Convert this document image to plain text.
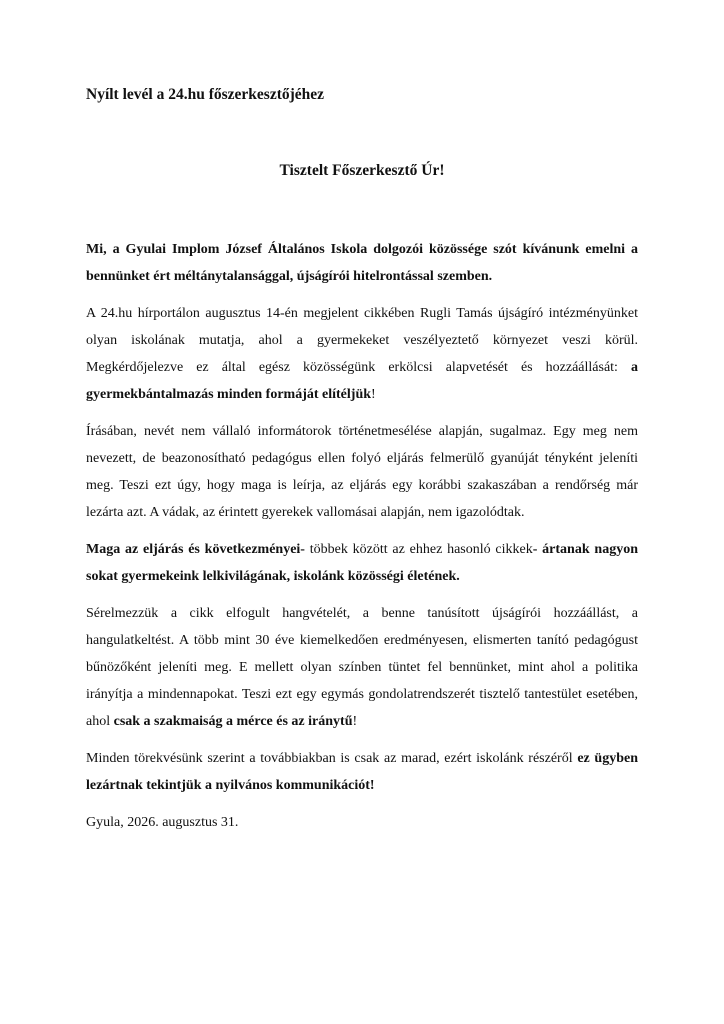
Nyílt levél a 24.hu főszerkesztőjéhez
Tisztelt Főszerkesztő Úr!

Mi, a Gyulai Implom József Általános Iskola dolgozói közössége szót kívánunk emelni a bennünket ért méltánytalansággal, újságírói hitelrontással szemben.

A 24.hu hírportálon augusztus 14-én megjelent cikkében Rugli Tamás újságíró intézményünket olyan iskolának mutatja, ahol a gyermekeket veszélyeztető környezet veszi körül. Megkérdőjelezve ez által egész közösségünk erkölcsi alapvetését és hozzáállását: a gyermekbántalmazás minden formáját elítéljük!

Írásában, nevét nem vállaló informátorok történetmesélése alapján, sugalmaz. Egy meg nem nevezett, de beazonosítható pedagógus ellen folyó eljárás felmerülő gyanúját tényként jeleníti meg. Teszi ezt úgy, hogy maga is leírja, az eljárás egy korábbi szakaszában a rendőrség már lezárta azt. A vádak, az érintett gyerekek vallomásai alapján, nem igazolódtak.

Maga az eljárás és következményei- többek között az ehhez hasonló cikkek- ártanak nagyon sokat gyermekeink lelkivilágának, iskolánk közösségi életének.

Sérelmezzük a cikk elfogult hangvételét, a benne tanúsított újságírói hozzáállást, a hangulatkeltést. A több mint 30 éve kiemelkedően eredményesen, elismerten tanító pedagógust bűnözőként jeleníti meg. E mellett olyan színben tüntet fel bennünket, mint ahol a politika irányítja a mindennapokat. Teszi ezt egy egymás gondolatrendszerét tisztelő tantestület esetében, ahol csak a szakmaiság a mérce és az iránytű!

Minden törekvésünk szerint a továbbiakban is csak az marad, ezért iskolánk részéről ez ügyben lezártnak tekintjük a nyilvános kommunikációt!

Gyula, 2026. augusztus 31.
